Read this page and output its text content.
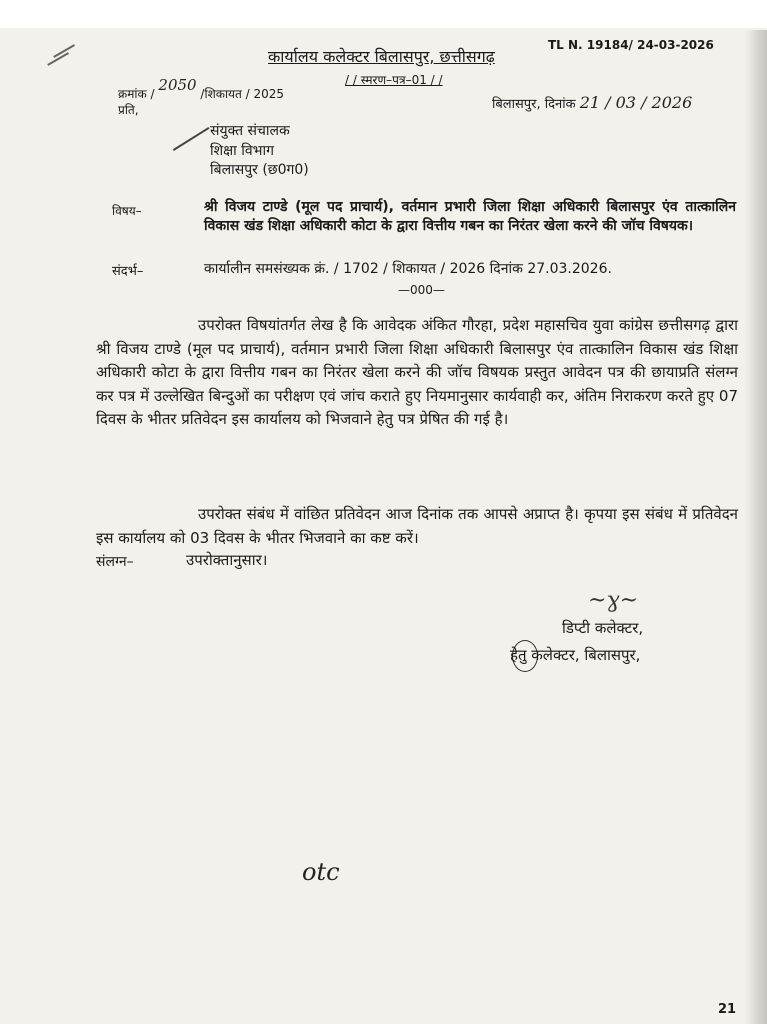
TL N. 19184/ 24-03-2026
कार्यालय कलेक्टर बिलासपुर, छत्तीसगढ़
/ / स्मरण–पत्र–01 / /
क्रमांक / 2050 /शिकायत / 2025
प्रति,	बिलासपुर, दिनांक 21 / 03 / 2026
संयुक्त संचालक
शिक्षा विभाग
बिलासपुर (छ0ग0)
विषय–	श्री विजय टाण्डे (मूल पद प्राचार्य), वर्तमान प्रभारी जिला शिक्षा अधिकारी बिलासपुर एंव तात्कालिन विकास खंड शिक्षा अधिकारी कोटा के द्वारा वित्तीय गबन का निरंतर खेला करने की जॉच विषयक।
संदर्भ–	कार्यालीन समसंख्यक क्रं. / 1702 / शिकायत / 2026 दिनांक 27.03.2026.
—000—
उपरोक्त विषयांतर्गत लेख है कि आवेदक अंकित गौरहा, प्रदेश महासचिव युवा कांग्रेस छत्तीसगढ़ द्वारा श्री विजय टाण्डे (मूल पद प्राचार्य), वर्तमान प्रभारी जिला शिक्षा अधिकारी बिलासपुर एंव तात्कालिन विकास खंड शिक्षा अधिकारी कोटा के द्वारा वित्तीय गबन का निरंतर खेला करने की जॉच विषयक प्रस्तुत आवेदन पत्र की छायाप्रति संलग्न कर पत्र में उल्लेखित बिन्दुओं का परीक्षण एवं जांच कराते हुए नियमानुसार कार्यवाही कर, अंतिम निराकरण करते हुए 07 दिवस के भीतर प्रतिवेदन इस कार्यालय को भिजवाने हेतु पत्र प्रेषित की गई है।
उपरोक्त संबंध में वांछित प्रतिवेदन आज दिनांक तक आपसे अप्राप्त है। कृपया इस संबंध में प्रतिवेदन इस कार्यालय को 03 दिवस के भीतर भिजवाने का कष्ट करें।
संलग्न–	उपरोक्तानुसार।
~ɣ~
डिप्टी कलेक्टर,
हेतु कलेक्टर, बिलासपुर,
otc
21
